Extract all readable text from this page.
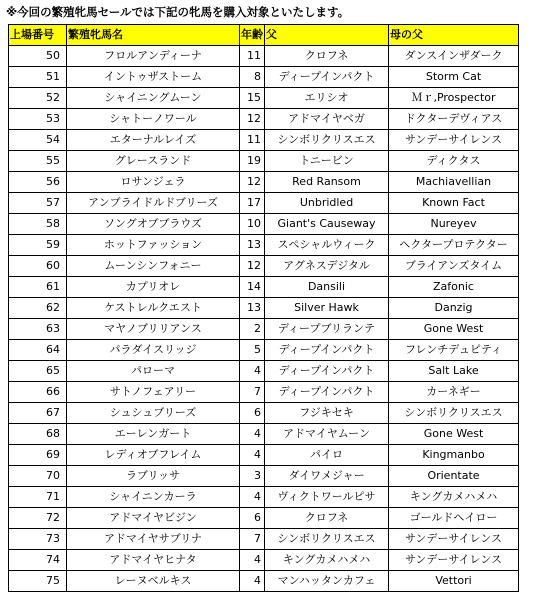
※今回の繁殖牝馬セールでは下記の牝馬を購入対象といたします。
上場番号	繁殖牝馬名	年齢	父	母の父
50	フロルアンディーナ	11	クロフネ	ダンスインザダーク
51	イントゥザストーム	8	ディープインパクト	Storm Cat
52	シャイニングムーン	15	エリシオ	Ｍｒ,Prospector
53	シャトーノワール	12	アドマイヤベガ	ドクターデヴィアス
54	エターナルレイズ	11	シンボリクリスエス	サンデーサイレンス
55	グレースランド	19	トニービン	ディクタス
56	ロサンジェラ	12	Red Ransom	Machiavellian
57	アンブライドルドブリーズ	17	Unbridled	Known Fact
58	ソングオブブラウズ	10	Giant's Causeway	Nureyev
59	ホットファッション	13	スペシャルウィーク	ヘクタープロテクター
60	ムーンシンフォニー	12	アグネスデジタル	ブライアンズタイム
61	カプリオレ	14	Dansili	Zafonic
62	ケストレルクエスト	13	Silver Hawk	Danzig
63	マヤノブリリアンス	2	ディープブリランテ	Gone West
64	パラダイスリッジ	5	ディープインパクト	フレンチデュピティ
65	パローマ	4	ディープインパクト	Salt Lake
66	サトノフェアリー	7	ディープインパクト	カーネギー
67	シュシュブリーズ	6	フジキセキ	シンボリクリスエス
68	エーレンガート	4	アドマイヤムーン	Gone West
69	レディオブフレイム	4	パイロ	Kingmanbo
70	ラブリッサ	3	ダイワメジャー	Orientate
71	シャイニンカーラ	4	ヴィクトワールピサ	キングカメハメハ
72	アドマイヤビジン	6	クロフネ	ゴールドヘイロー
73	アドマイヤサブリナ	7	シンボリクリスエス	サンデーサイレンス
74	アドマイヤヒナタ	4	キングカメハメハ	サンデーサイレンス
75	レーヌベルキス	4	マンハッタンカフェ	Vettori
